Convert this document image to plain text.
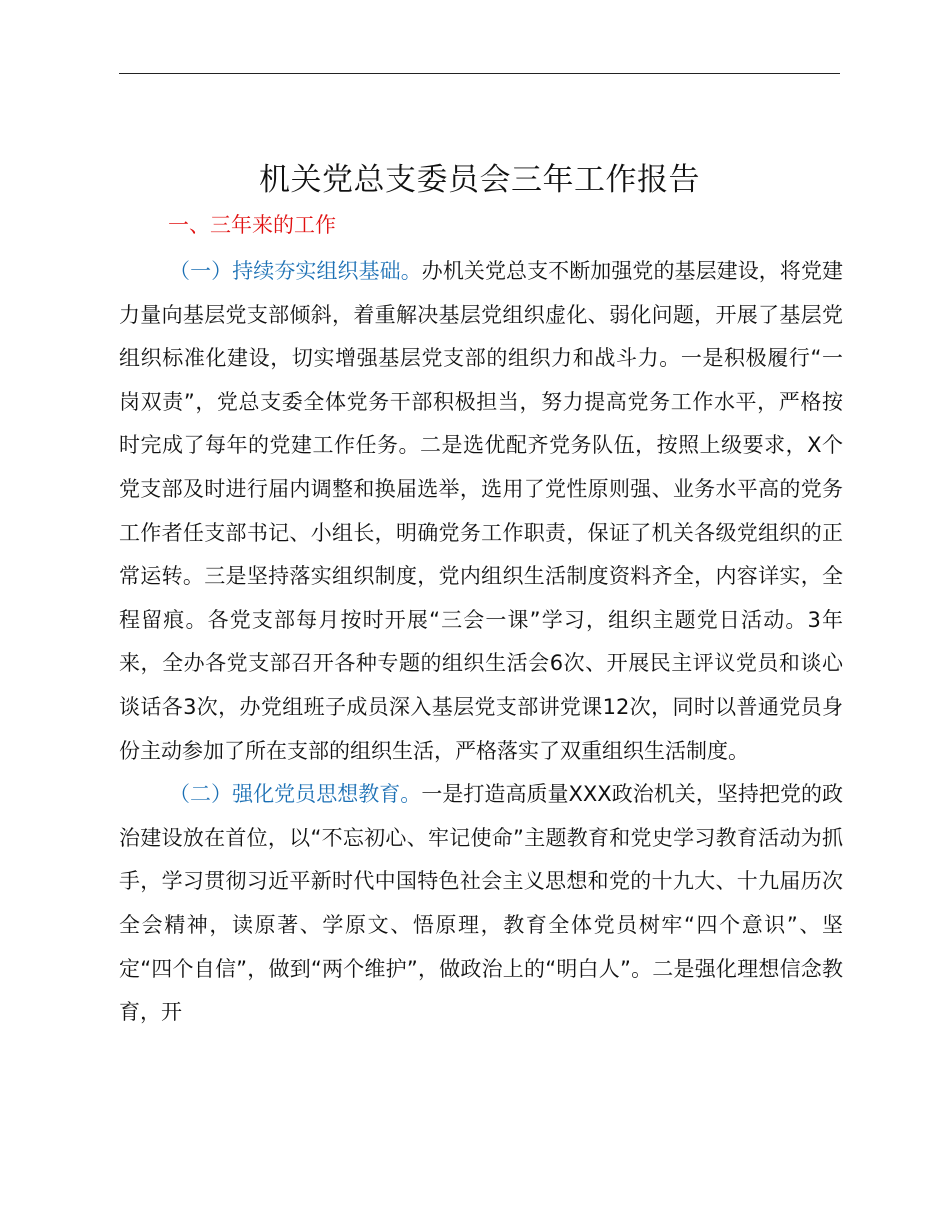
机关党总支委员会三年工作报告
一、三年来的工作

（一）持续夯实组织基础。办机关党总支不断加强党的基层建设，将党建力量向基层党支部倾斜，着重解决基层党组织虚化、弱化问题，开展了基层党组织标准化建设，切实增强基层党支部的组织力和战斗力。一是积极履行“一岗双责”，党总支委全体党务干部积极担当，努力提高党务工作水平，严格按时完成了每年的党建工作任务。二是选优配齐党务队伍，按照上级要求，X个党支部及时进行届内调整和换届选举，选用了党性原则强、业务水平高的党务工作者任支部书记、小组长，明确党务工作职责，保证了机关各级党组织的正常运转。三是坚持落实组织制度，党内组织生活制度资料齐全，内容详实，全程留痕。各党支部每月按时开展“三会一课”学习，组织主题党日活动。3年来，全办各党支部召开各种专题的组织生活会6次、开展民主评议党员和谈心谈话各3次，办党组班子成员深入基层党支部讲党课12次，同时以普通党员身份主动参加了所在支部的组织生活，严格落实了双重组织生活制度。

（二）强化党员思想教育。一是打造高质量XXX政治机关，坚持把党的政治建设放在首位，以“不忘初心、牢记使命”主题教育和党史学习教育活动为抓手，学习贯彻习近平新时代中国特色社会主义思想和党的十九大、十九届历次全会精神，读原著、学原文、悟原理，教育全体党员树牢“四个意识”、坚定“四个自信”，做到“两个维护”，做政治上的“明白人”。二是强化理想信念教育，开
